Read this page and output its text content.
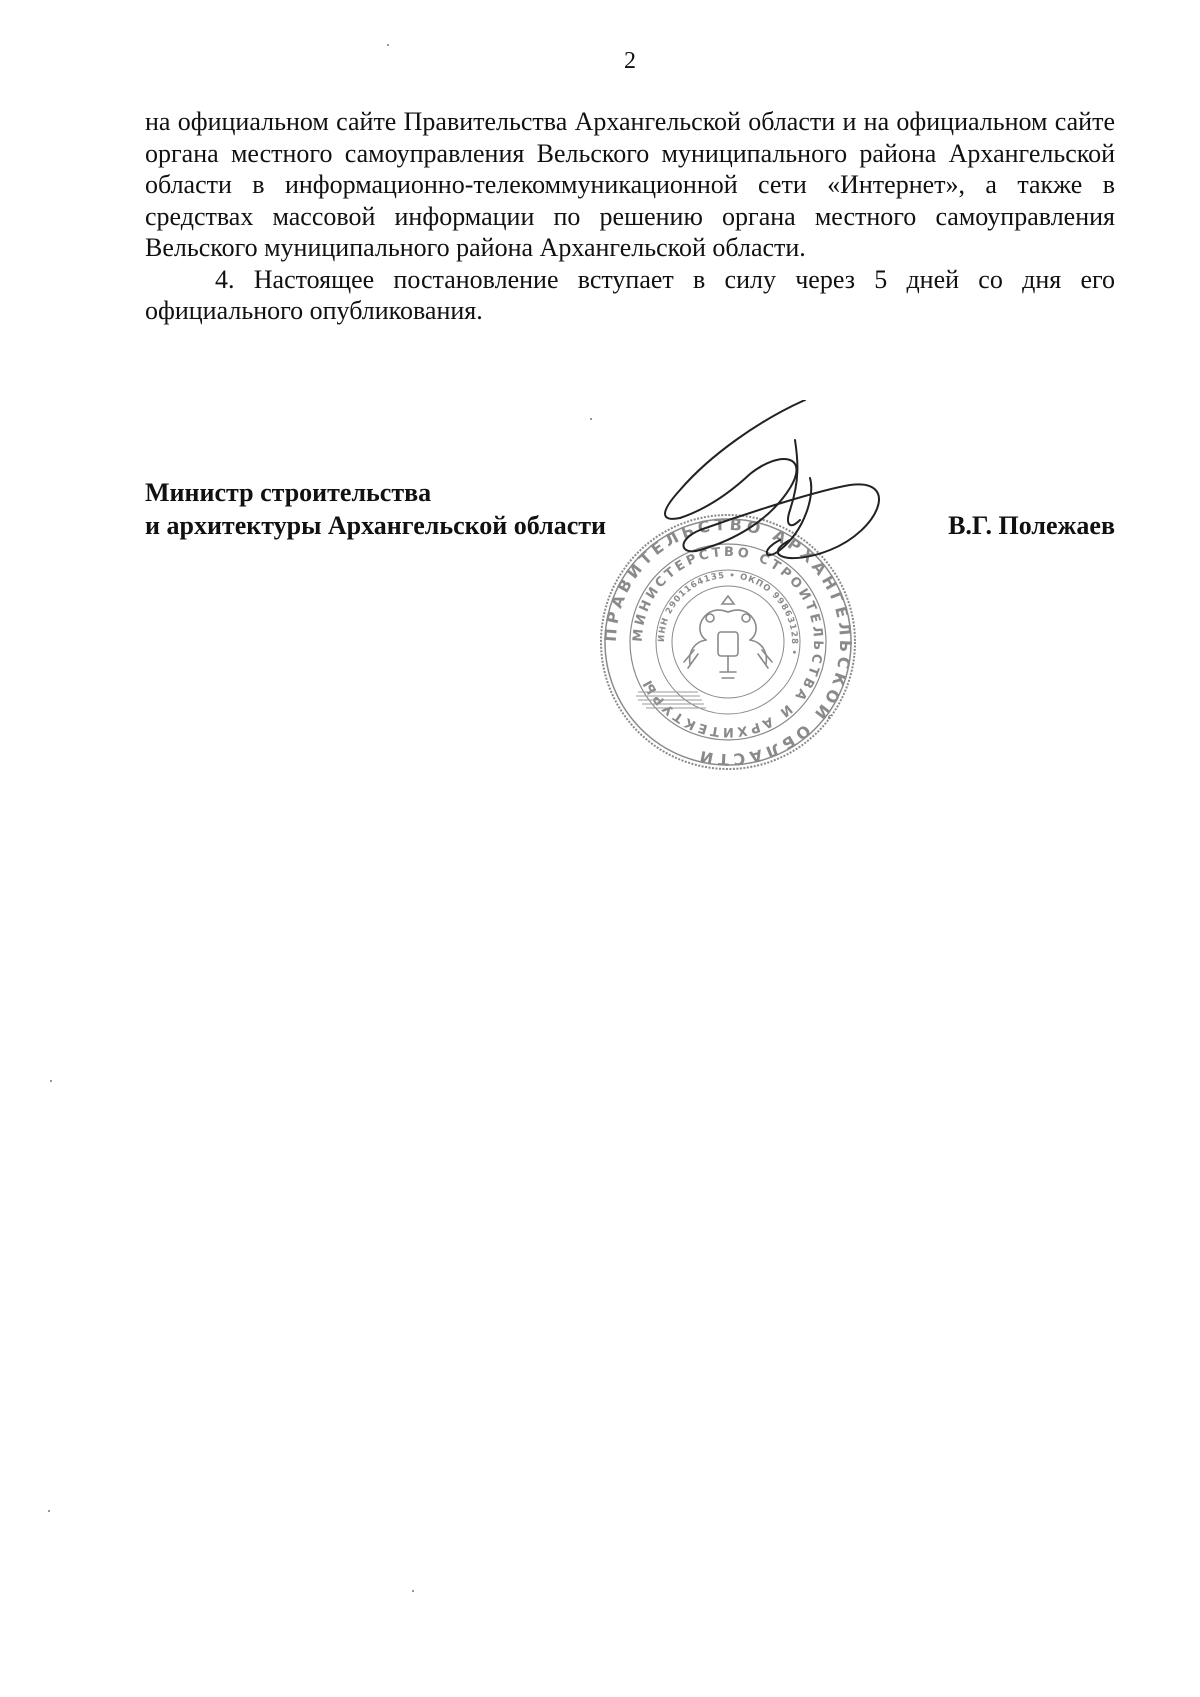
2

на официальном сайте Правительства Архангельской области и на официальном сайте органа местного самоуправления Вельского муниципального района Архангельской области в информационно-телекоммуникационной сети «Интернет», а также в средствах массовой информации по решению органа местного самоуправления Вельского муниципального района Архангельской области.

4. Настоящее постановление вступает в силу через 5 дней со дня его официального опубликования.

Министр строительства
и архитектуры Архангельской области	В.Г. Полежаев
ПРАВИТЕЛЬСТВО АРХАНГЕЛЬСКОЙ ОБЛАСТИ
МИНИСТЕРСТВО СТРОИТЕЛЬСТВА И АРХИТЕКТУРЫ
ИНН 2901164135 • ОКПО 99863128 •
